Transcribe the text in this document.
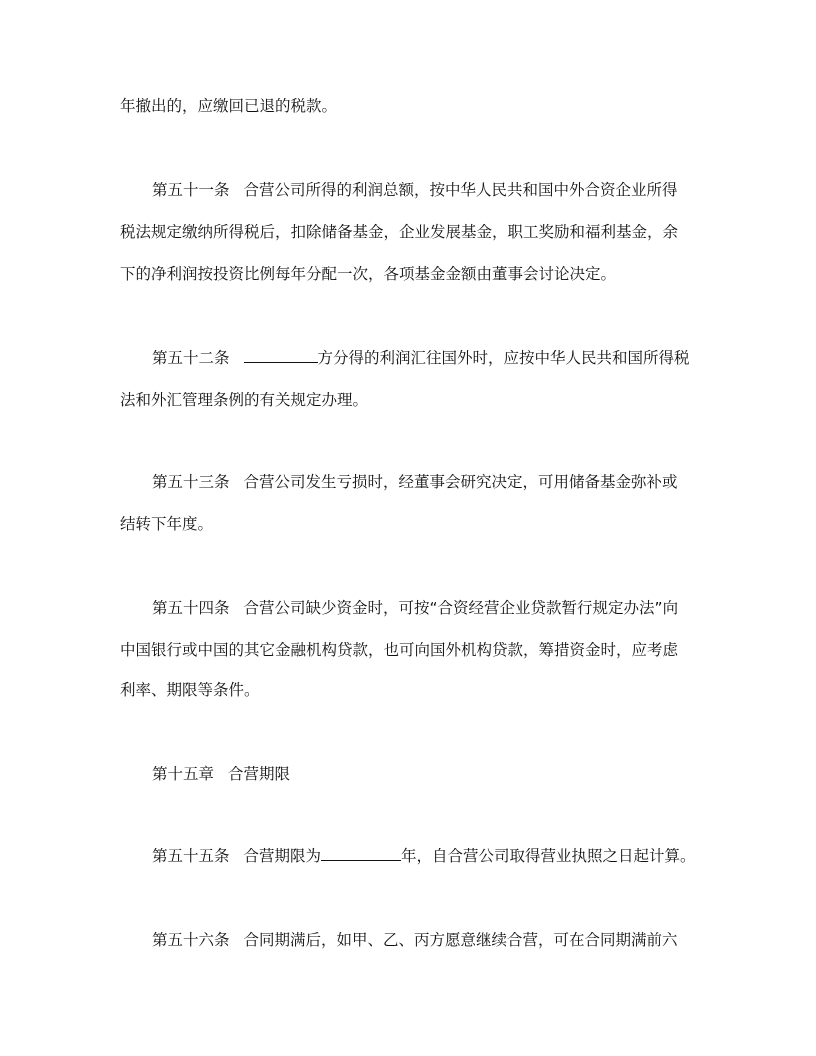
年撤出的，应缴回已退的税款。
第五十一条 合营公司所得的利润总额，按中华人民共和国中外合资企业所得
税法规定缴纳所得税后，扣除储备基金，企业发展基金，职工奖励和福利基金，余
下的净利润按投资比例每年分配一次，各项基金金额由董事会讨论决定。
第五十二条	方分得的利润汇往国外时，应按中华人民共和国所得税
法和外汇管理条例的有关规定办理。
第五十三条 合营公司发生亏损时，经董事会研究决定，可用储备基金弥补或
结转下年度。
第五十四条 合营公司缺少资金时，可按“合资经营企业贷款暂行规定办法”向
中国银行或中国的其它金融机构贷款，也可向国外机构贷款，筹措资金时，应考虑
利率、期限等条件。
第十五章 合营期限
第五十五条 合营期限为	年，自合营公司取得营业执照之日起计算。
第五十六条 合同期满后，如甲、乙、丙方愿意继续合营，可在合同期满前六
